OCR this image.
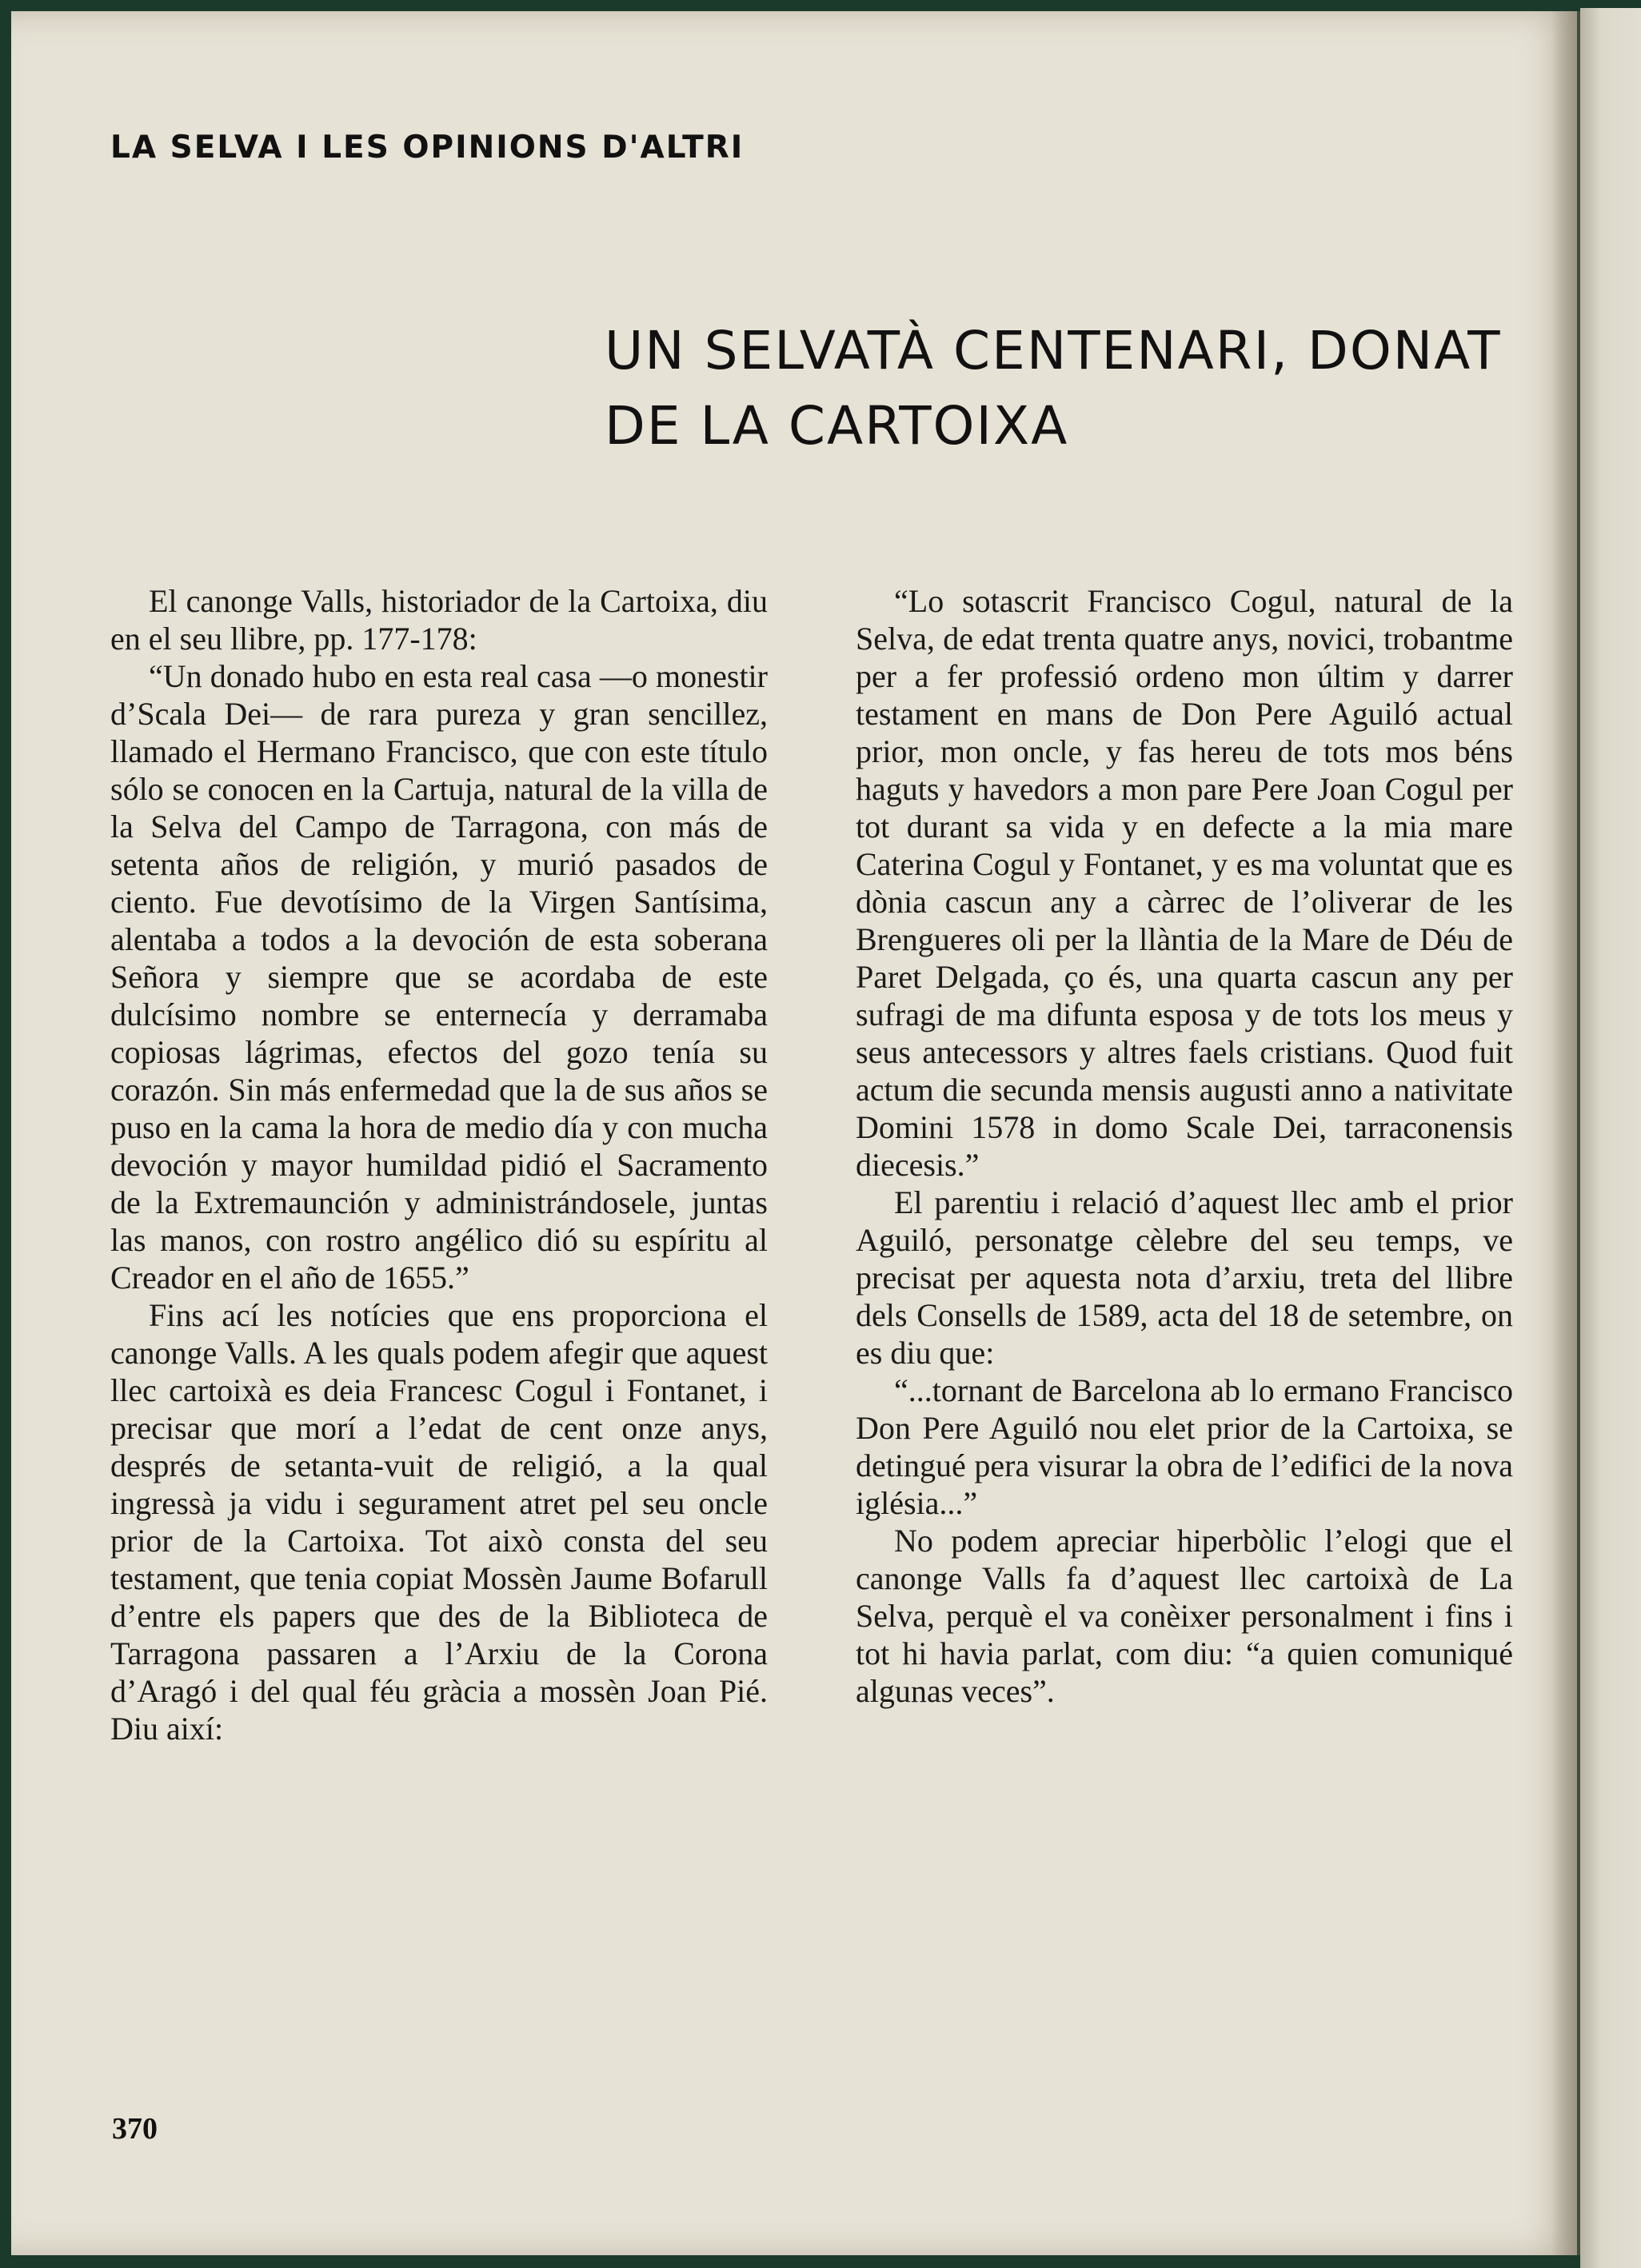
LA SELVA I LES OPINIONS D'ALTRI
UN SELVATÀ CENTENARI, DONAT
DE LA CARTOIXA

El canonge Valls, historiador de la Cartoixa, diu en el seu llibre, pp. 177-178:

“Un donado hubo en esta real casa —o monestir d’Scala Dei— de rara pureza y gran sencillez, llamado el Hermano Francisco, que con este título sólo se conocen en la Cartuja, natural de la villa de la Selva del Campo de Tarragona, con más de setenta años de religión, y murió pasados de ciento. Fue devotísimo de la Virgen Santísima, alentaba a todos a la devoción de esta soberana Señora y siempre que se acordaba de este dulcísimo nombre se enternecía y derramaba copiosas lágrimas, efectos del gozo tenía su corazón. Sin más enfermedad que la de sus años se puso en la cama la hora de medio día y con mucha devoción y mayor humildad pidió el Sacramento de la Extremaunción y administrándosele, juntas las manos, con rostro angélico dió su espíritu al Creador en el año de 1655.”

Fins ací les notícies que ens proporciona el canonge Valls. A les quals podem afegir que aquest llec cartoixà es deia Francesc Cogul i Fontanet, i precisar que morí a l’edat de cent onze anys, després de setanta-vuit de religió, a la qual ingressà ja vidu i segurament atret pel seu oncle prior de la Cartoixa. Tot això consta del seu testament, que tenia copiat Mossèn Jaume Bofarull d’entre els papers que des de la Biblioteca de Tarragona passaren a l’Arxiu de la Corona d’Aragó i del qual féu gràcia a mossèn Joan Pié. Diu així:

“Lo sotascrit Francisco Cogul, natural de la Selva, de edat trenta quatre anys, novici, trobantme per a fer professió ordeno mon últim y darrer testament en mans de Don Pere Aguiló actual prior, mon oncle, y fas hereu de tots mos béns haguts y havedors a mon pare Pere Joan Cogul per tot durant sa vida y en defecte a la mia mare Caterina Cogul y Fontanet, y es ma voluntat que es dònia cascun any a càrrec de l’oliverar de les Brengueres oli per la llàntia de la Mare de Déu de Paret Delgada, ço és, una quarta cascun any per sufragi de ma difunta esposa y de tots los meus y seus antecessors y altres faels cristians. Quod fuit actum die secunda mensis augusti anno a nativitate Domini 1578 in domo Scale Dei, tarraconensis diecesis.”

El parentiu i relació d’aquest llec amb el prior Aguiló, personatge cèlebre del seu temps, ve precisat per aquesta nota d’arxiu, treta del llibre dels Consells de 1589, acta del 18 de setembre, on es diu que:

“...tornant de Barcelona ab lo ermano Francisco Don Pere Aguiló nou elet prior de la Cartoixa, se detingué pera visurar la obra de l’edifici de la nova iglésia...”

No podem apreciar hiperbòlic l’elogi que el canonge Valls fa d’aquest llec cartoixà de La Selva, perquè el va conèixer personalment i fins i tot hi havia parlat, com diu: “a quien comuniqué algunas veces”.

370
